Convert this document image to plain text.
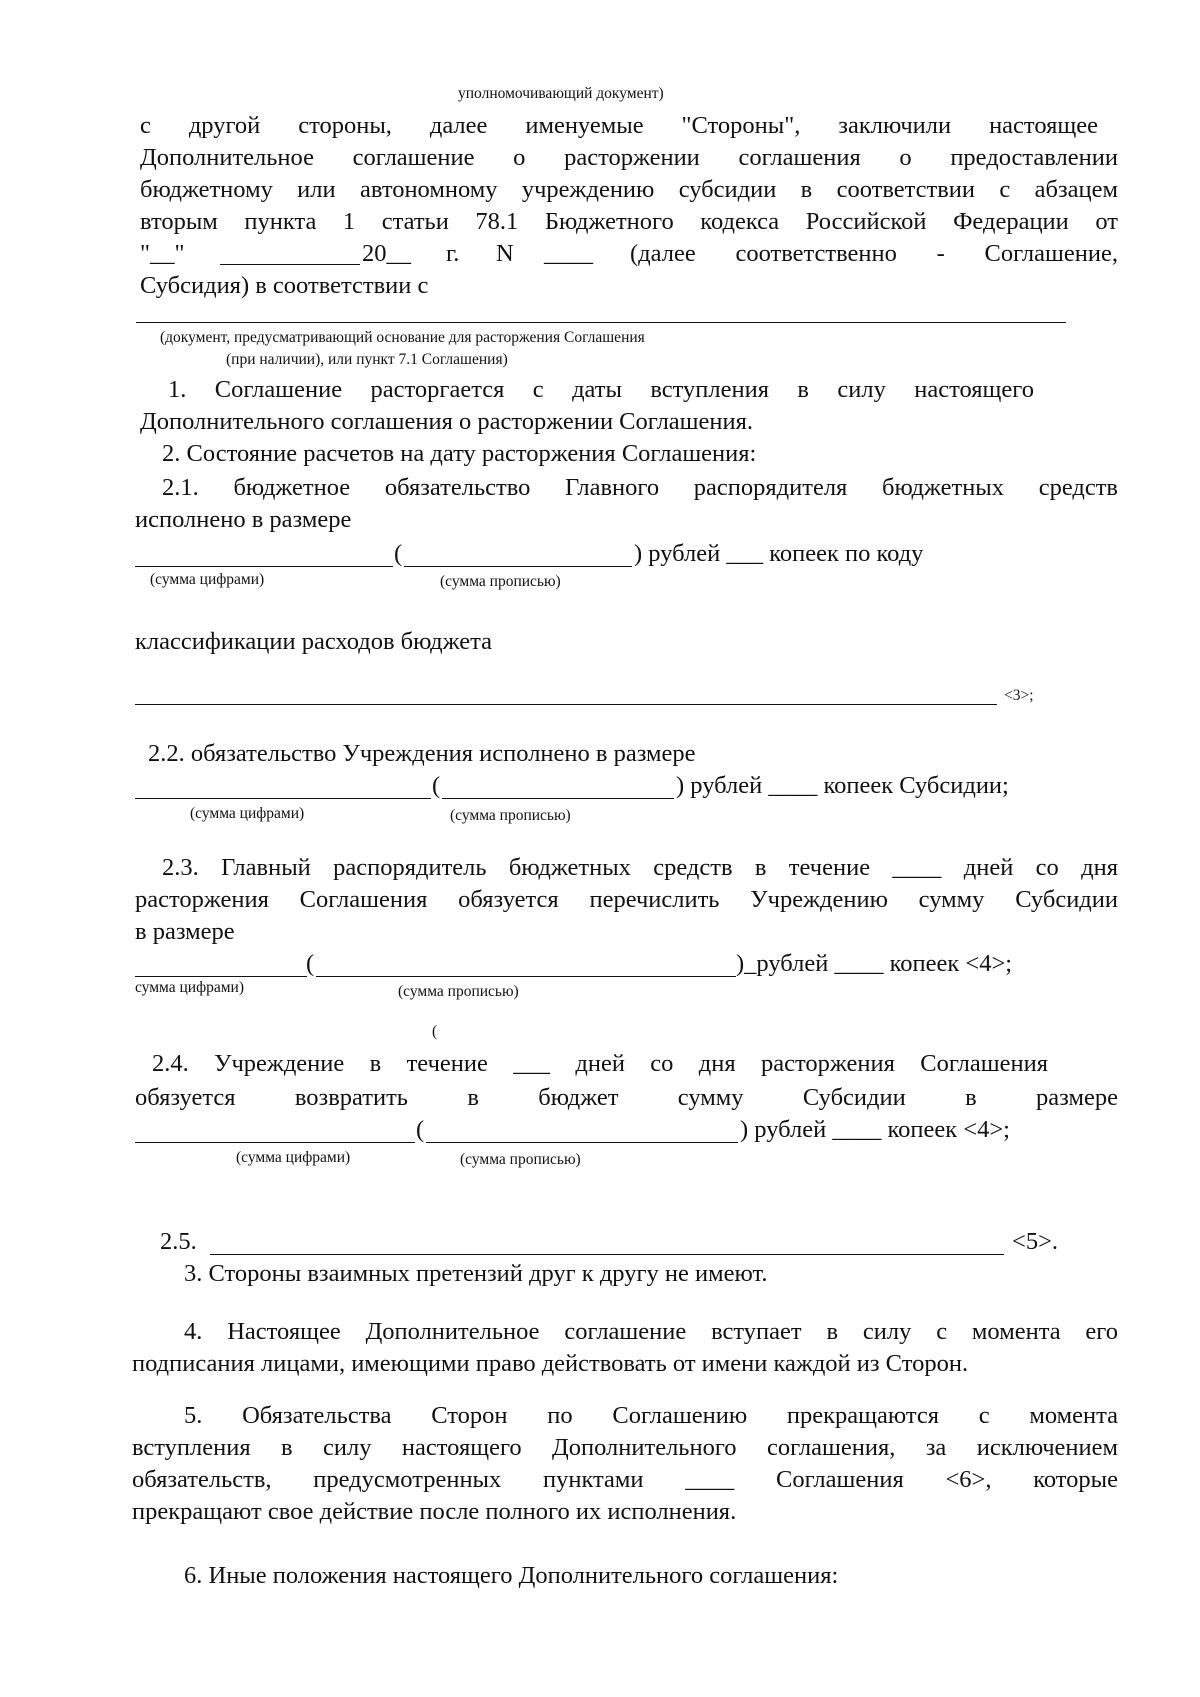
уполномочивающий документ)

с другой стороны, далее именуемые "Стороны", заключили настоящее

Дополнительное соглашение о расторжении соглашения о предоставлении

бюджетному или автономному учреждению субсидии в соответствии с абзацем

вторым пункта 1 статьи 78.1 Бюджетного кодекса Российской Федерации от

"__"	20__ г. N ____ (далее соответственно - Соглашение,

Субсидия) в соответствии с

(документ, предусматривающий основание для расторжения Соглашения

(при наличии), или пункт 7.1 Соглашения)

1. Соглашение расторгается с даты вступления в силу настоящего

Дополнительного соглашения о расторжении Соглашения.

2. Состояние расчетов на дату расторжения Соглашения:

2.1. бюджетное обязательство Главного распорядителя бюджетных средств

исполнено в размере

(	) рублей ___ копеек по коду

(сумма цифрами)	(сумма прописью)

классификации расходов бюджета

<3>;

2.2. обязательство Учреждения исполнено в размере

(	) рублей ____ копеек Субсидии;

(сумма цифрами)	(сумма прописью)

2.3. Главный распорядитель бюджетных средств в течение ____ дней со дня

расторжения Соглашения обязуется перечислить Учреждению сумму Субсидии

в размере

(	)_рублей ____ копеек <4>;

сумма цифрами)	(сумма прописью)

(

2.4. Учреждение в течение ___ дней со дня расторжения Соглашения

обязуется возвратить в бюджет сумму Субсидии в размере

(	) рублей ____ копеек <4>;

(сумма цифрами)	(сумма прописью)

2.5.	<5>.

3. Стороны взаимных претензий друг к другу не имеют.

4. Настоящее Дополнительное соглашение вступает в силу с момента его

подписания лицами, имеющими право действовать от имени каждой из Сторон.

5. Обязательства Сторон по Соглашению прекращаются с момента

вступления в силу настоящего Дополнительного соглашения, за исключением

обязательств, предусмотренных пунктами ____ Соглашения <6>, которые

прекращают свое действие после полного их исполнения.

6. Иные положения настоящего Дополнительного соглашения:
